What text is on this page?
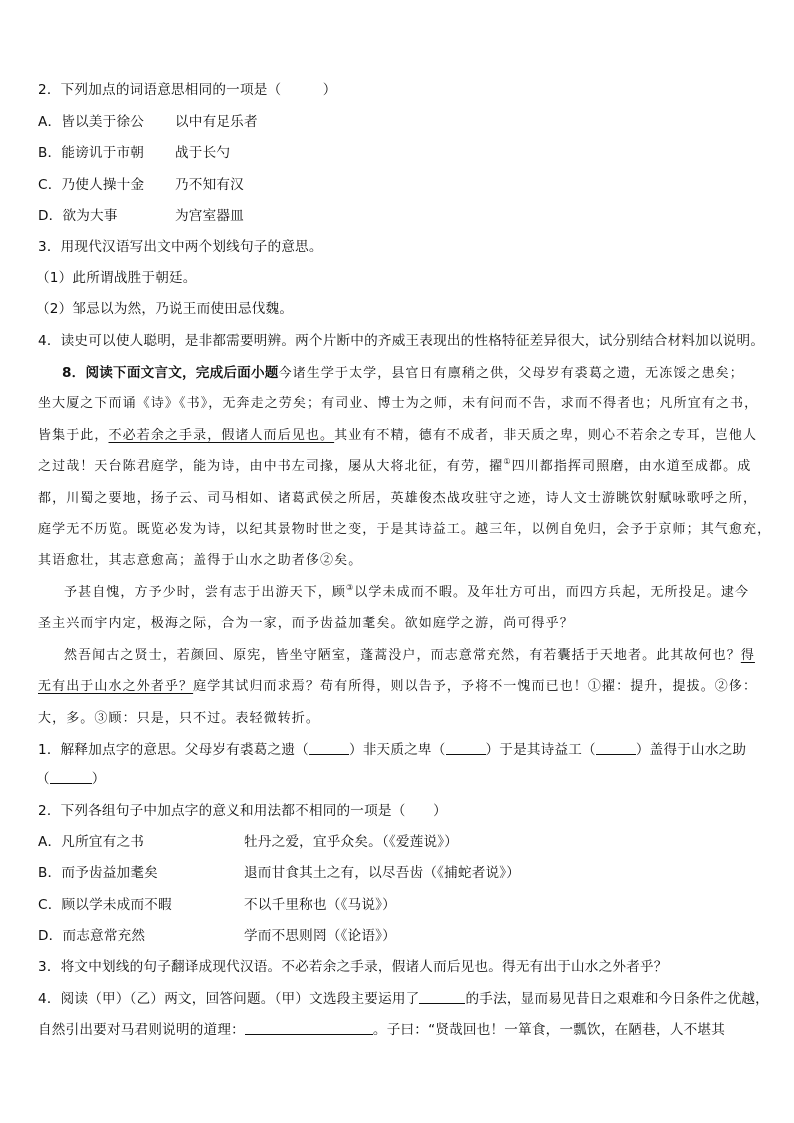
2．下列加点的词语意思相同的一项是（　　　）
A．皆以美于徐公 以中有足乐者
B．能谤讥于市朝 战于长勺
C．乃使人操十金 乃不知有汉
D．欲为大事	为宫室器皿
3．用现代汉语写出文中两个划线句子的意思。
（1）此所谓战胜于朝廷。
（2）邹忌以为然，乃说王而使田忌伐魏。
4．读史可以使人聪明，是非都需要明辨。两个片断中的齐威王表现出的性格特征差异很大，试分别结合材料加以说明。
8．阅读下面文言文，完成后面小题今诸生学于太学，县官日有廪稍之供，父母岁有裘葛之遗，无冻馁之患矣；
坐大厦之下而诵《诗》《书》，无奔走之劳矣；有司业、博士为之师，未有问而不告，求而不得者也；凡所宜有之书，
皆集于此，不必若余之手录，假诸人而后见也。其业有不精，德有不成者，非天质之卑，则心不若余之专耳，岂他人
之过哉！天台陈君庭学，能为诗，由中书左司掾，屡从大将北征，有劳，擢①四川都指挥司照磨，由水道至成都。成
都，川蜀之要地，扬子云、司马相如、诸葛武侯之所居，英雄俊杰战攻驻守之迹，诗人文士游眺饮射赋咏歌呼之所，
庭学无不历览。既览必发为诗，以纪其景物时世之变，于是其诗益工。越三年，以例自免归，会予于京师；其气愈充，
其语愈壮，其志意愈高；盖得于山水之助者侈②矣。
予甚自愧，方予少时，尝有志于出游天下，顾③以学未成而不暇。及年壮方可出，而四方兵起，无所投足。逮今
圣主兴而宇内定，极海之际，合为一家，而予齿益加耄矣。欲如庭学之游，尚可得乎？
然吾闻古之贤士，若颜回、原宪，皆坐守陋室，蓬蒿没户，而志意常充然，有若囊括于天地者。此其故何也？得
无有出于山水之外者乎？庭学其试归而求焉？苟有所得，则以告予，予将不一愧而已也！①擢：提升，提拔。②侈：
大，多。③顾：只是，只不过。表轻微转折。
1．解释加点字的意思。父母岁有裘葛之遗（	）非天质之卑（	）于是其诗益工（	）盖得于山水之助
（	）
2．下列各组句子中加点字的意义和用法都不相同的一项是（　　）
A．凡所宜有之书	牡丹之爱，宜乎众矣。（《爱莲说》）
B．而予齿益加耄矣	退而甘食其土之有，以尽吾齿（《捕蛇者说》）
C．顾以学未成而不暇	不以千里称也（《马说》）
D．而志意常充然	学而不思则罔（《论语》）
3．将文中划线的句子翻译成现代汉语。不必若余之手录，假诸人而后见也。得无有出于山水之外者乎？
4．阅读（甲）（乙）两文，回答问题。（甲）文选段主要运用了	的手法，显而易见昔日之艰难和今日条件之优越，
自然引出要对马君则说明的道理：	。子曰：“贤哉回也！一箪食，一瓢饮，在陋巷，人不堪其
